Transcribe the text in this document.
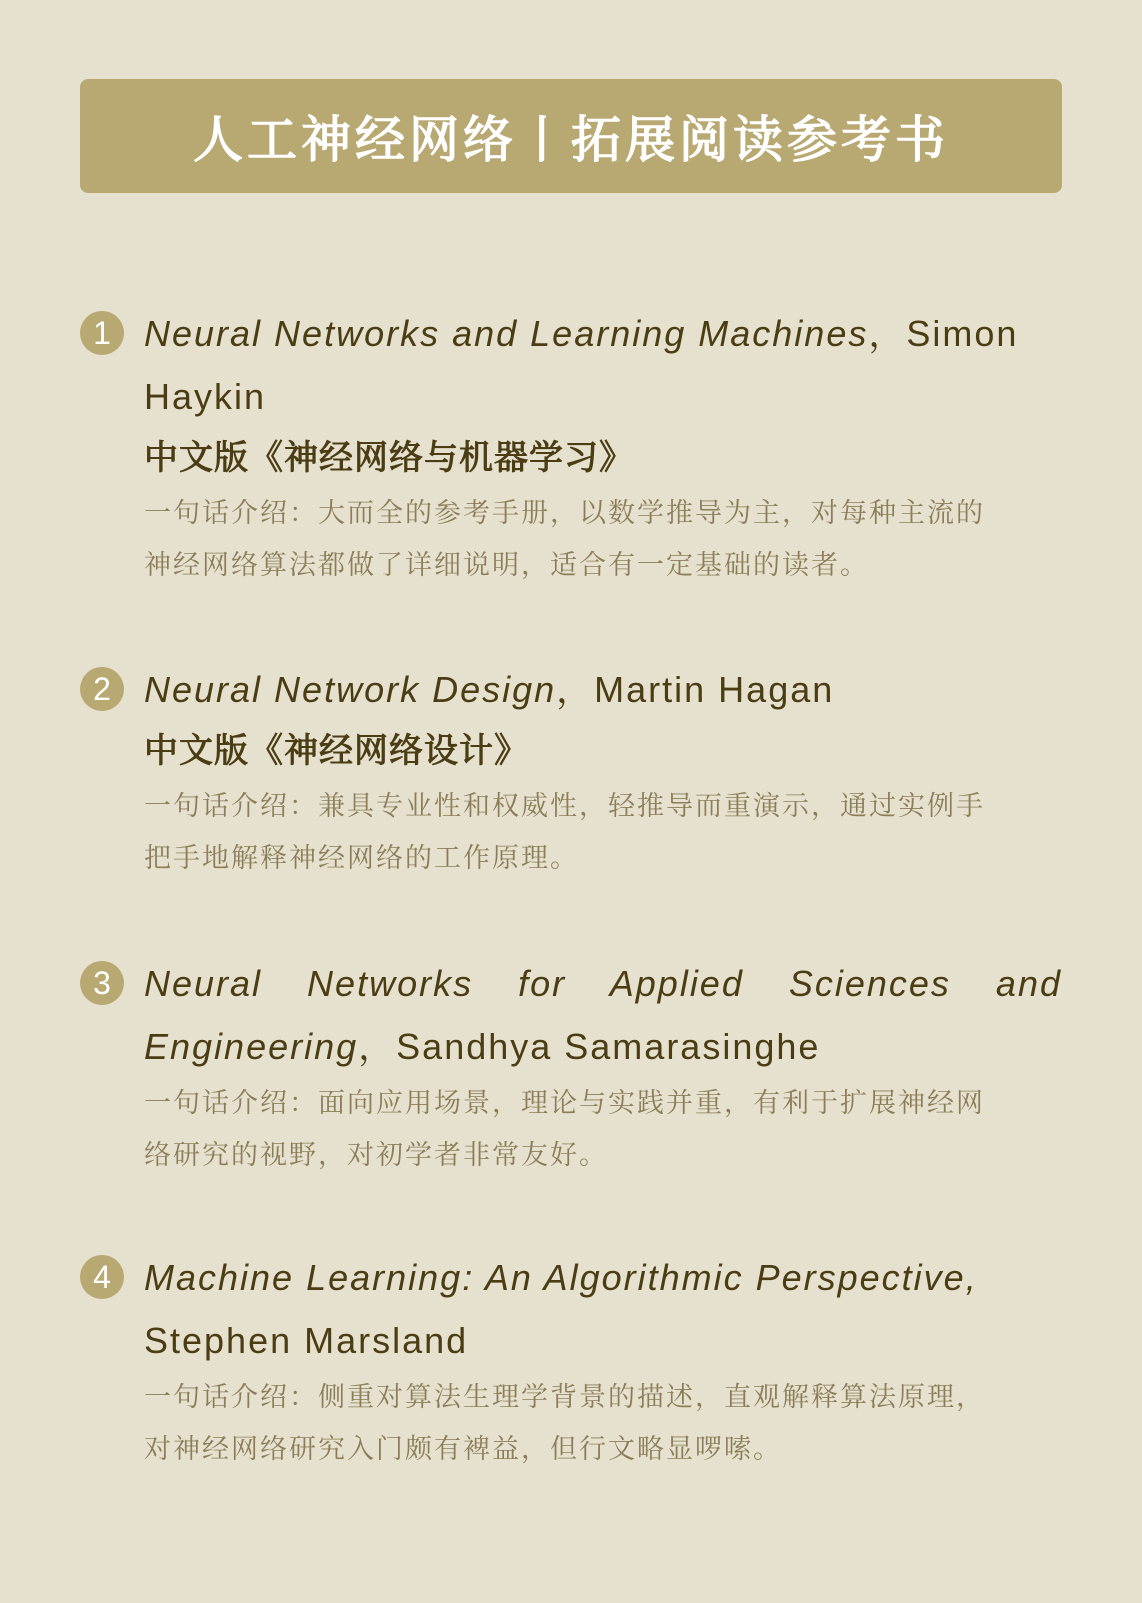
人工神经网络丨拓展阅读参考书
1 Neural Networks and Learning Machines，Simon

Haykin

中文版《神经网络与机器学习》

一句话介绍：大而全的参考手册，以数学推导为主，对每种主流的
神经网络算法都做了详细说明，适合有一定基础的读者。

2 Neural Network Design，Martin Hagan

中文版《神经网络设计》

一句话介绍：兼具专业性和权威性，轻推导而重演示，通过实例手
把手地解释神经网络的工作原理。

3 Neural Networks for Applied Sciences and

Engineering，Sandhya Samarasinghe

一句话介绍：面向应用场景，理论与实践并重，有利于扩展神经网
络研究的视野，对初学者非常友好。

4 Machine Learning: An Algorithmic Perspective,

Stephen Marsland

一句话介绍：侧重对算法生理学背景的描述，直观解释算法原理，
对神经网络研究入门颇有裨益，但行文略显啰嗦。
